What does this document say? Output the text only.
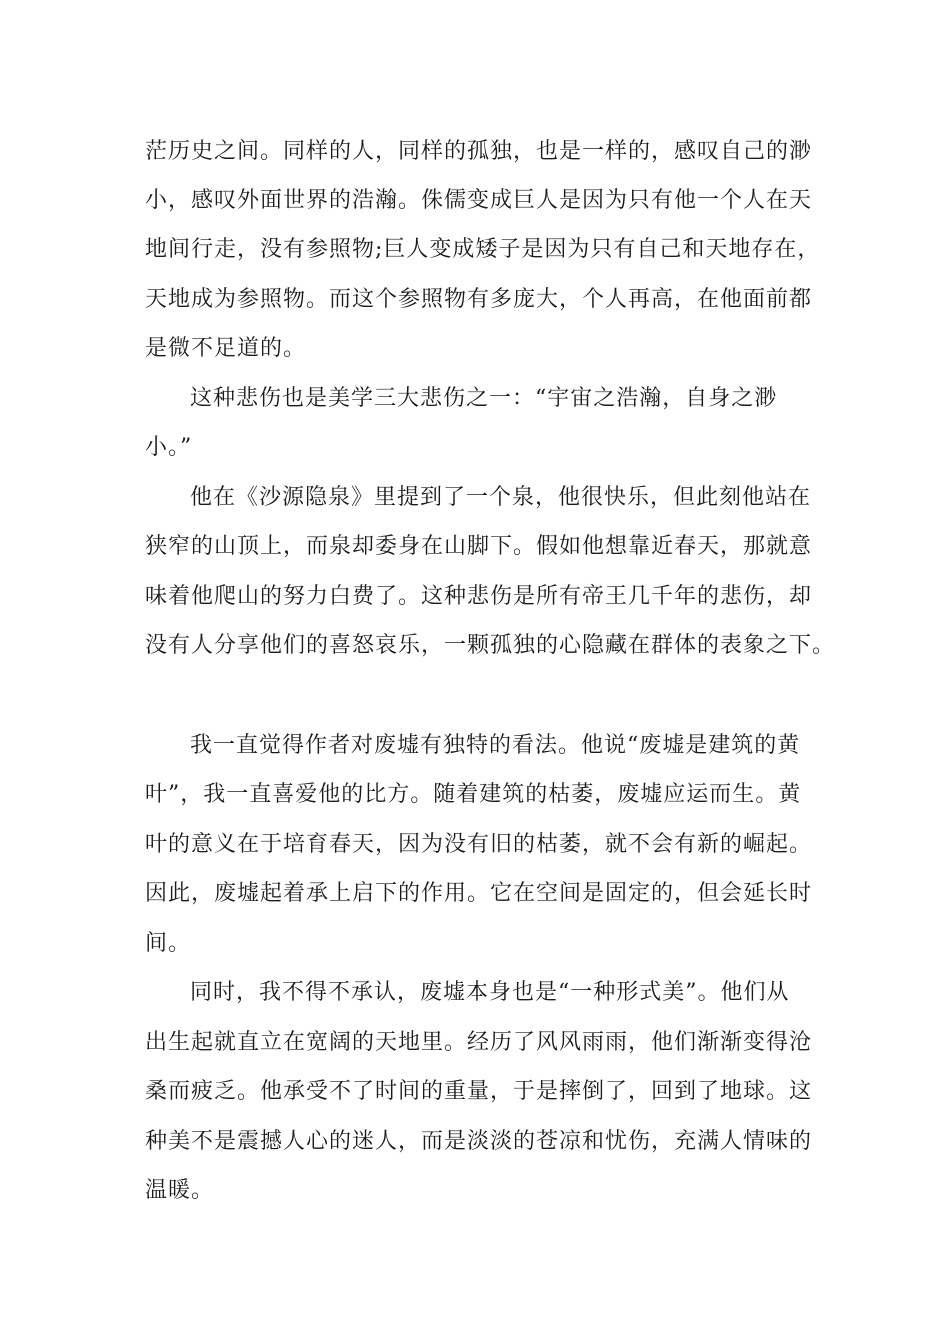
茫历史之间。同样的人，同样的孤独，也是一样的，感叹自己的渺
小，感叹外面世界的浩瀚。侏儒变成巨人是因为只有他一个人在天
地间行走，没有参照物;巨人变成矮子是因为只有自己和天地存在，
天地成为参照物。而这个参照物有多庞大，个人再高，在他面前都
是微不足道的。
这种悲伤也是美学三大悲伤之一：“宇宙之浩瀚，自身之渺
小。”
他在《沙源隐泉》里提到了一个泉，他很快乐，但此刻他站在
狭窄的山顶上，而泉却委身在山脚下。假如他想靠近春天，那就意
味着他爬山的努力白费了。这种悲伤是所有帝王几千年的悲伤，却
没有人分享他们的喜怒哀乐，一颗孤独的心隐藏在群体的表象之下。
我一直觉得作者对废墟有独特的看法。他说“废墟是建筑的黄
叶”，我一直喜爱他的比方。随着建筑的枯萎，废墟应运而生。黄
叶的意义在于培育春天，因为没有旧的枯萎，就不会有新的崛起。
因此，废墟起着承上启下的作用。它在空间是固定的，但会延长时
间。
同时，我不得不承认，废墟本身也是“一种形式美”。他们从
出生起就直立在宽阔的天地里。经历了风风雨雨，他们渐渐变得沧
桑而疲乏。他承受不了时间的重量，于是摔倒了，回到了地球。这
种美不是震撼人心的迷人，而是淡淡的苍凉和忧伤，充满人情味的
温暖。
